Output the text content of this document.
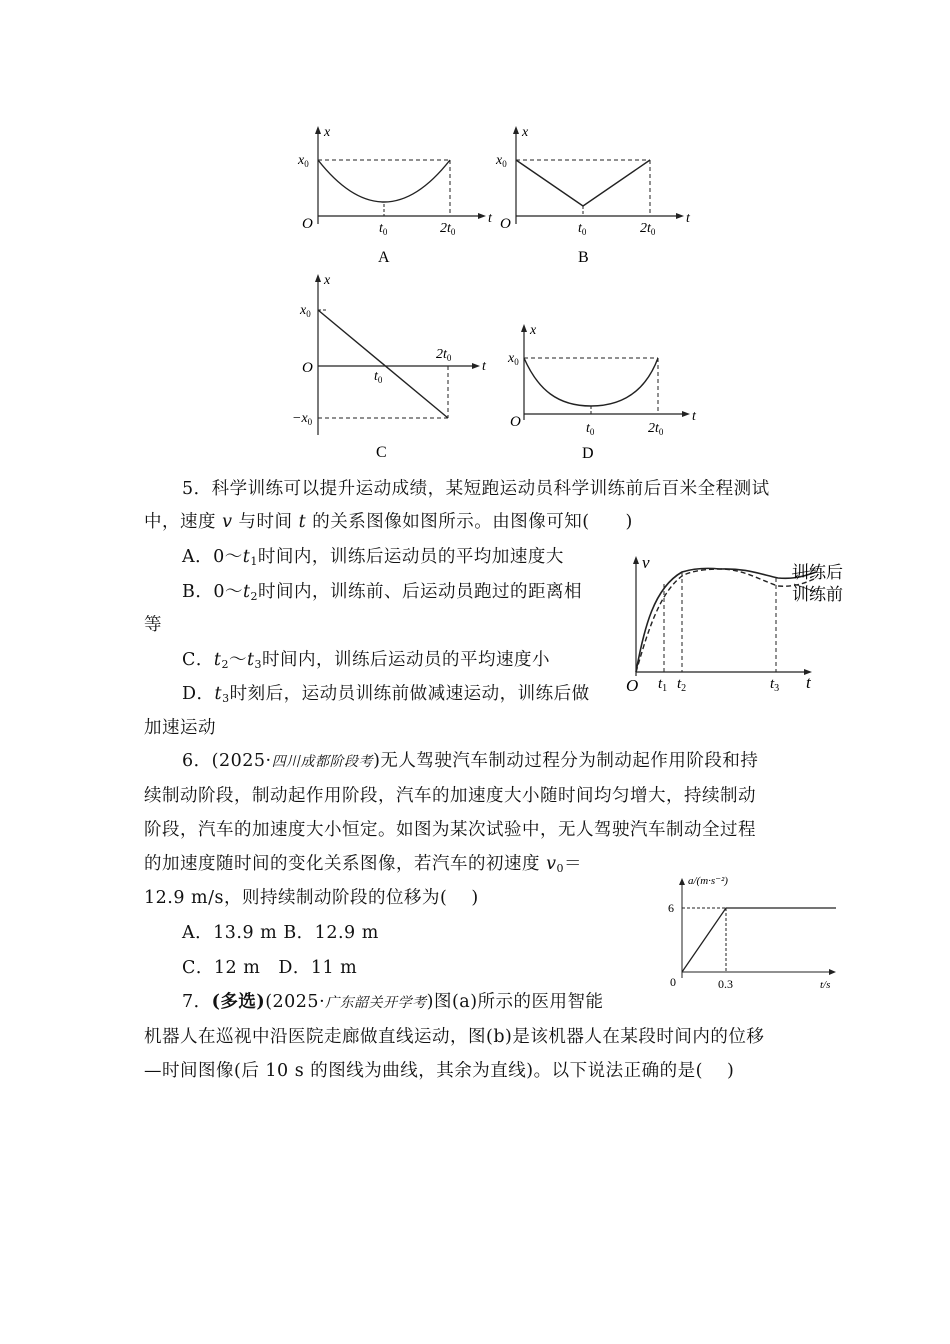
x
t
$x_0$
O	$t_0$	$2t_0$
A
x
t
$x_0$
O	$t_0$	$2t_0$
B
x
t
$x_0$
$-x_0$
O
$t_0$
$2t_0$
C
x
t
$x_0$
O	$t_0$	$2t_0$
D
5．科学训练可以提升运动成绩，某短跑运动员科学训练前后百米全程测试
中，速度 v 与时间 t 的关系图像如图所示。由图像可知(　　)
A．$0\sim t_1$时间内，训练后运动员的平均加速度大
B．$0\sim t_2$时间内，训练前、后运动员跑过的距离相
等
C．$t_2\sim t_3$时间内，训练后运动员的平均速度小
D．$t_3$时刻后，运动员训练前做减速运动，训练后做
加速运动
v
t
O $t_1$ $t_2$	$t_3$
训练后
训练前
6．(2025·四川成都阶段考)无人驾驶汽车制动过程分为制动起作用阶段和持
续制动阶段，制动起作用阶段，汽车的加速度大小随时间均匀增大，持续制动
阶段，汽车的加速度大小恒定。如图为某次试验中，无人驾驶汽车制动全过程
的加速度随时间的变化关系图像，若汽车的初速度 $v_0=$
12.9 m/s，则持续制动阶段的位移为(　 )
A．13.9 m B．12.9 m
C．12 m　D．11 m
a/(m·s⁻²)
t/s
6
0.3
0
7．(多选)(2025·广东韶关开学考)图(a)所示的医用智能
机器人在巡视中沿医院走廊做直线运动，图(b)是该机器人在某段时间内的位移
—时间图像(后 10 s 的图线为曲线，其余为直线)。以下说法正确的是(　 )
